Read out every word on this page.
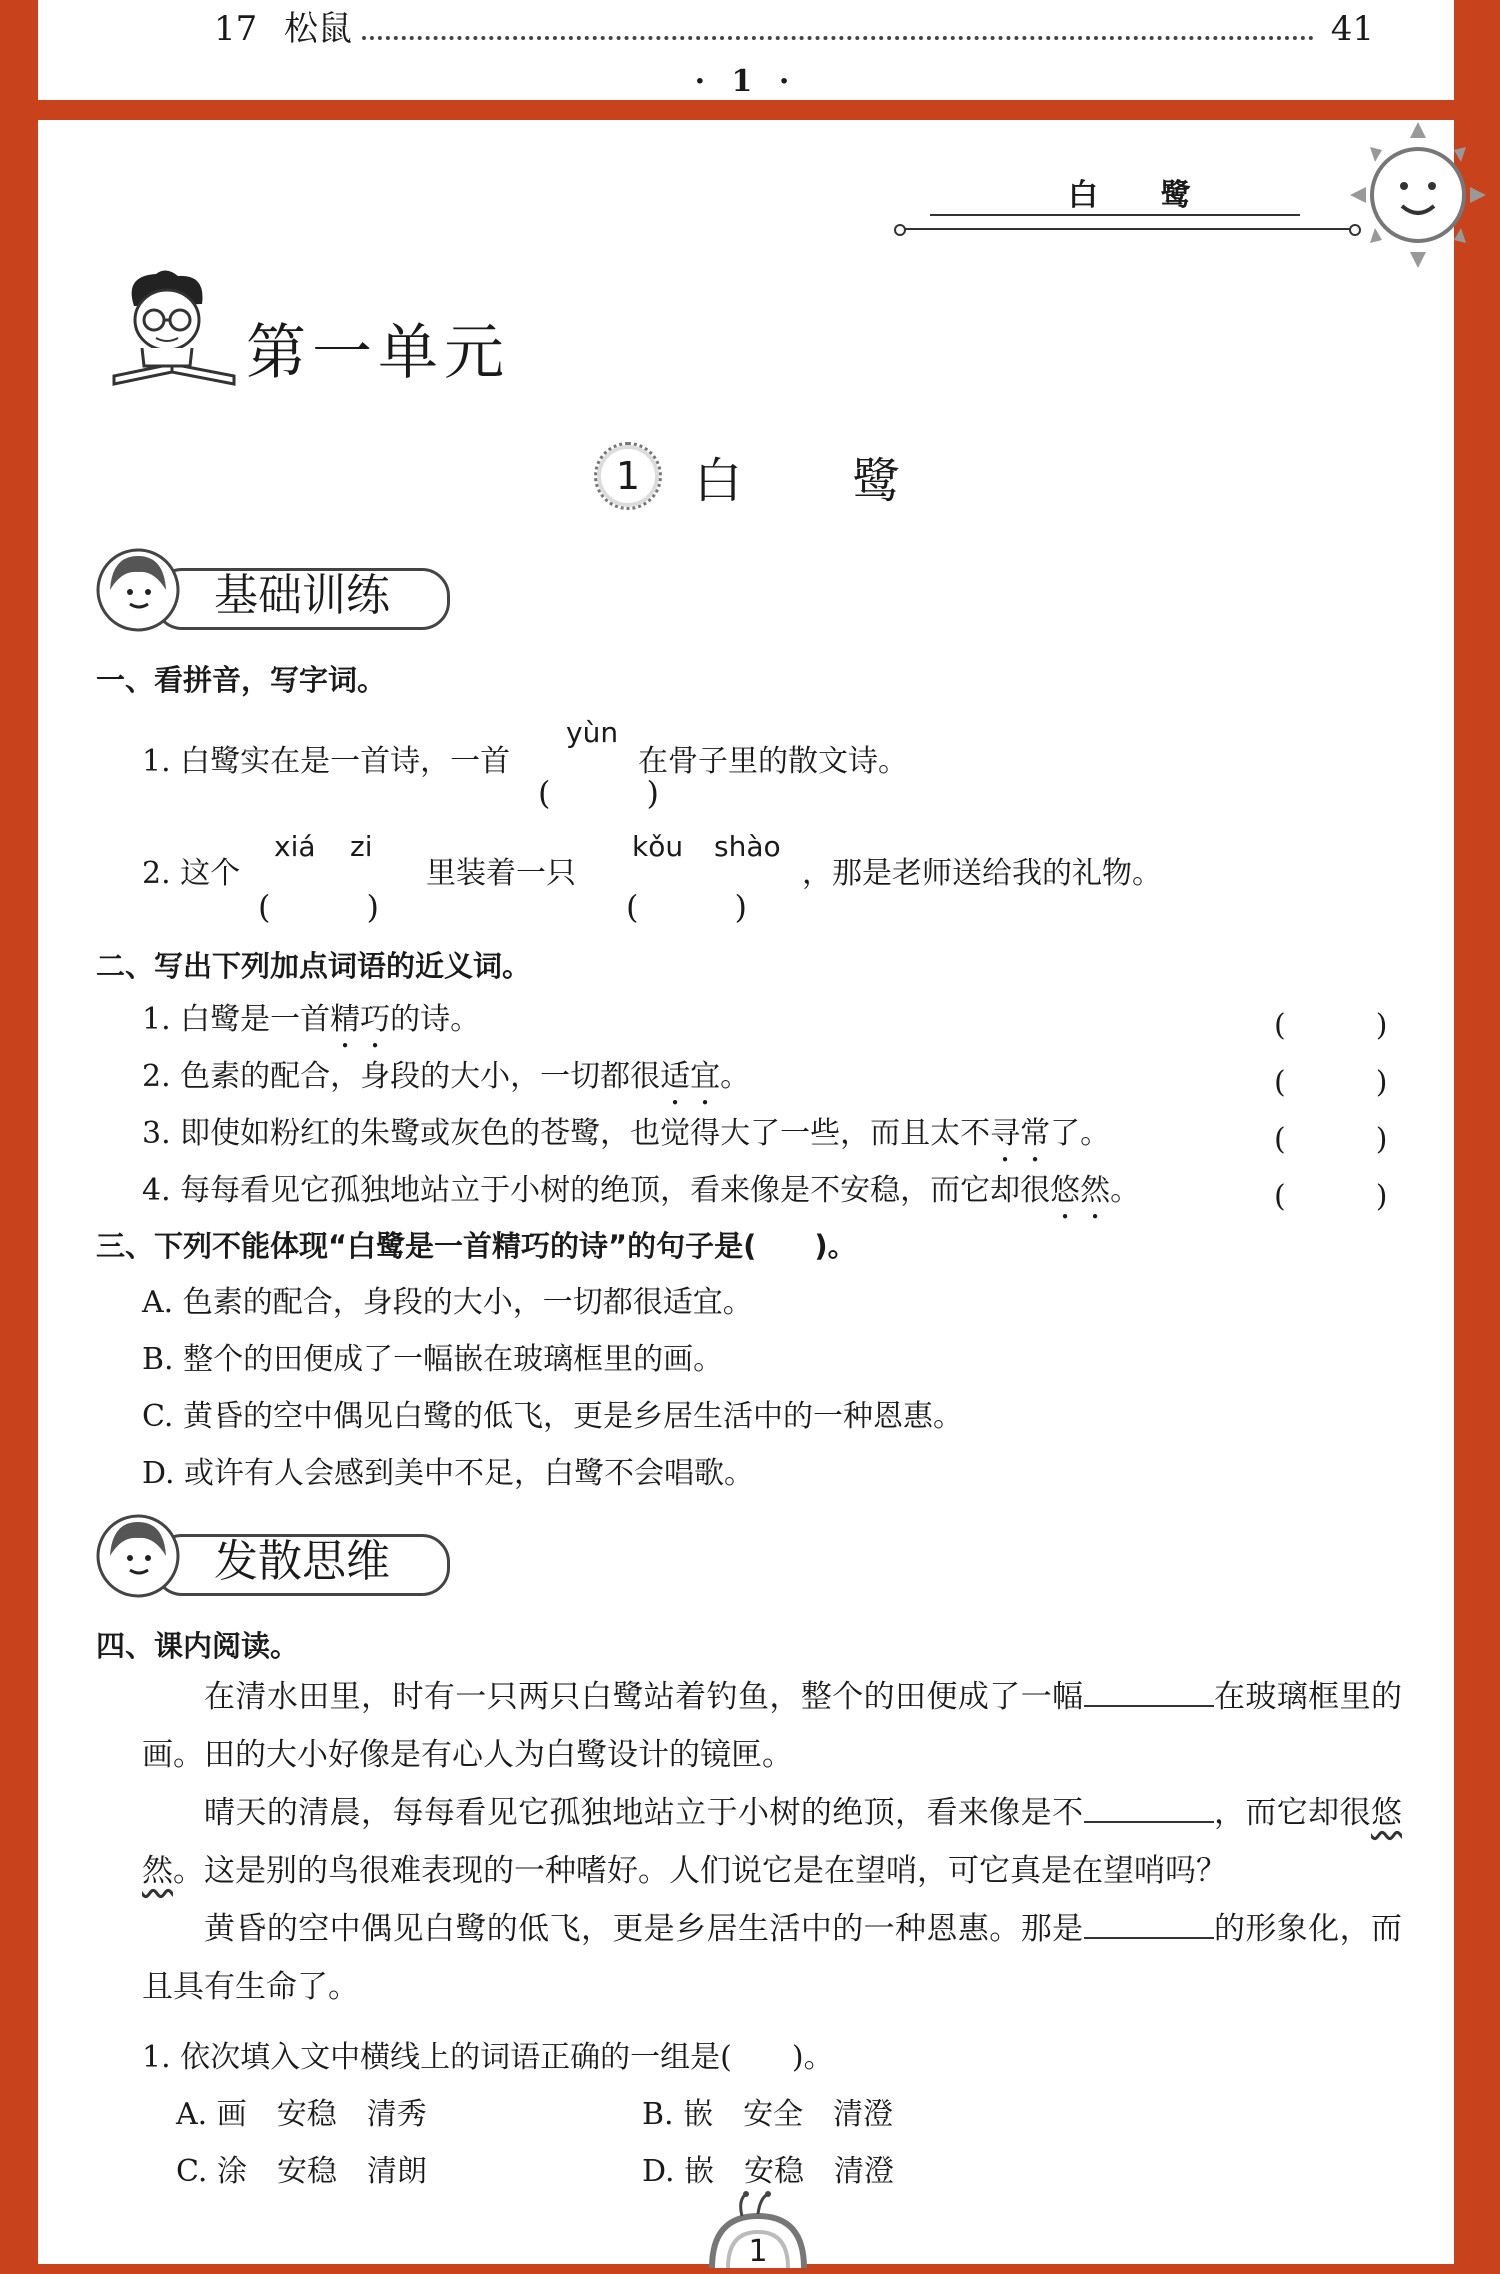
17 松鼠	41
· 1 ·
白 鹭
第一单元
1	白鹭
基础训练
一、看拼音，写字词。
1. 白鹭实在是一首诗，一首
yùn
(　　　)
在骨子里的散文诗。
2. 这个
xiá zi
(　　　)
里装着一只
kǒu shào
(　　　)
，那是老师送给我的礼物。
二、写出下列加点词语的近义词。
1. 白鹭是一首精巧的诗。	(　　　)
2. 色素的配合，身段的大小，一切都很适宜。	(　　　)
3. 即使如粉红的朱鹭或灰色的苍鹭，也觉得大了一些，而且太不寻常了。	(　　　)
4. 每每看见它孤独地站立于小树的绝顶，看来像是不安稳，而它却很悠然。	(　　　)
三、下列不能体现“白鹭是一首精巧的诗”的句子是(　　)。
A. 色素的配合，身段的大小，一切都很适宜。
B. 整个的田便成了一幅嵌在玻璃框里的画。
C. 黄昏的空中偶见白鹭的低飞，更是乡居生活中的一种恩惠。
D. 或许有人会感到美中不足，白鹭不会唱歌。
发散思维
四、课内阅读。
在清水田里，时有一只两只白鹭站着钓鱼，整个的田便成了一幅	在玻璃框里的画。田的大小好像是有心人为白鹭设计的镜匣。
晴天的清晨，每每看见它孤独地站立于小树的绝顶，看来像是不	，而它却很悠然。这是别的鸟很难表现的一种嗜好。人们说它是在望哨，可它真是在望哨吗？
黄昏的空中偶见白鹭的低飞，更是乡居生活中的一种恩惠。那是	的形象化，而且具有生命了。
1. 依次填入文中横线上的词语正确的一组是(　　)。
A. 画　安稳　清秀	B. 嵌　安全　清澄
C. 涂　安稳　清朗	D. 嵌　安稳　清澄
1
